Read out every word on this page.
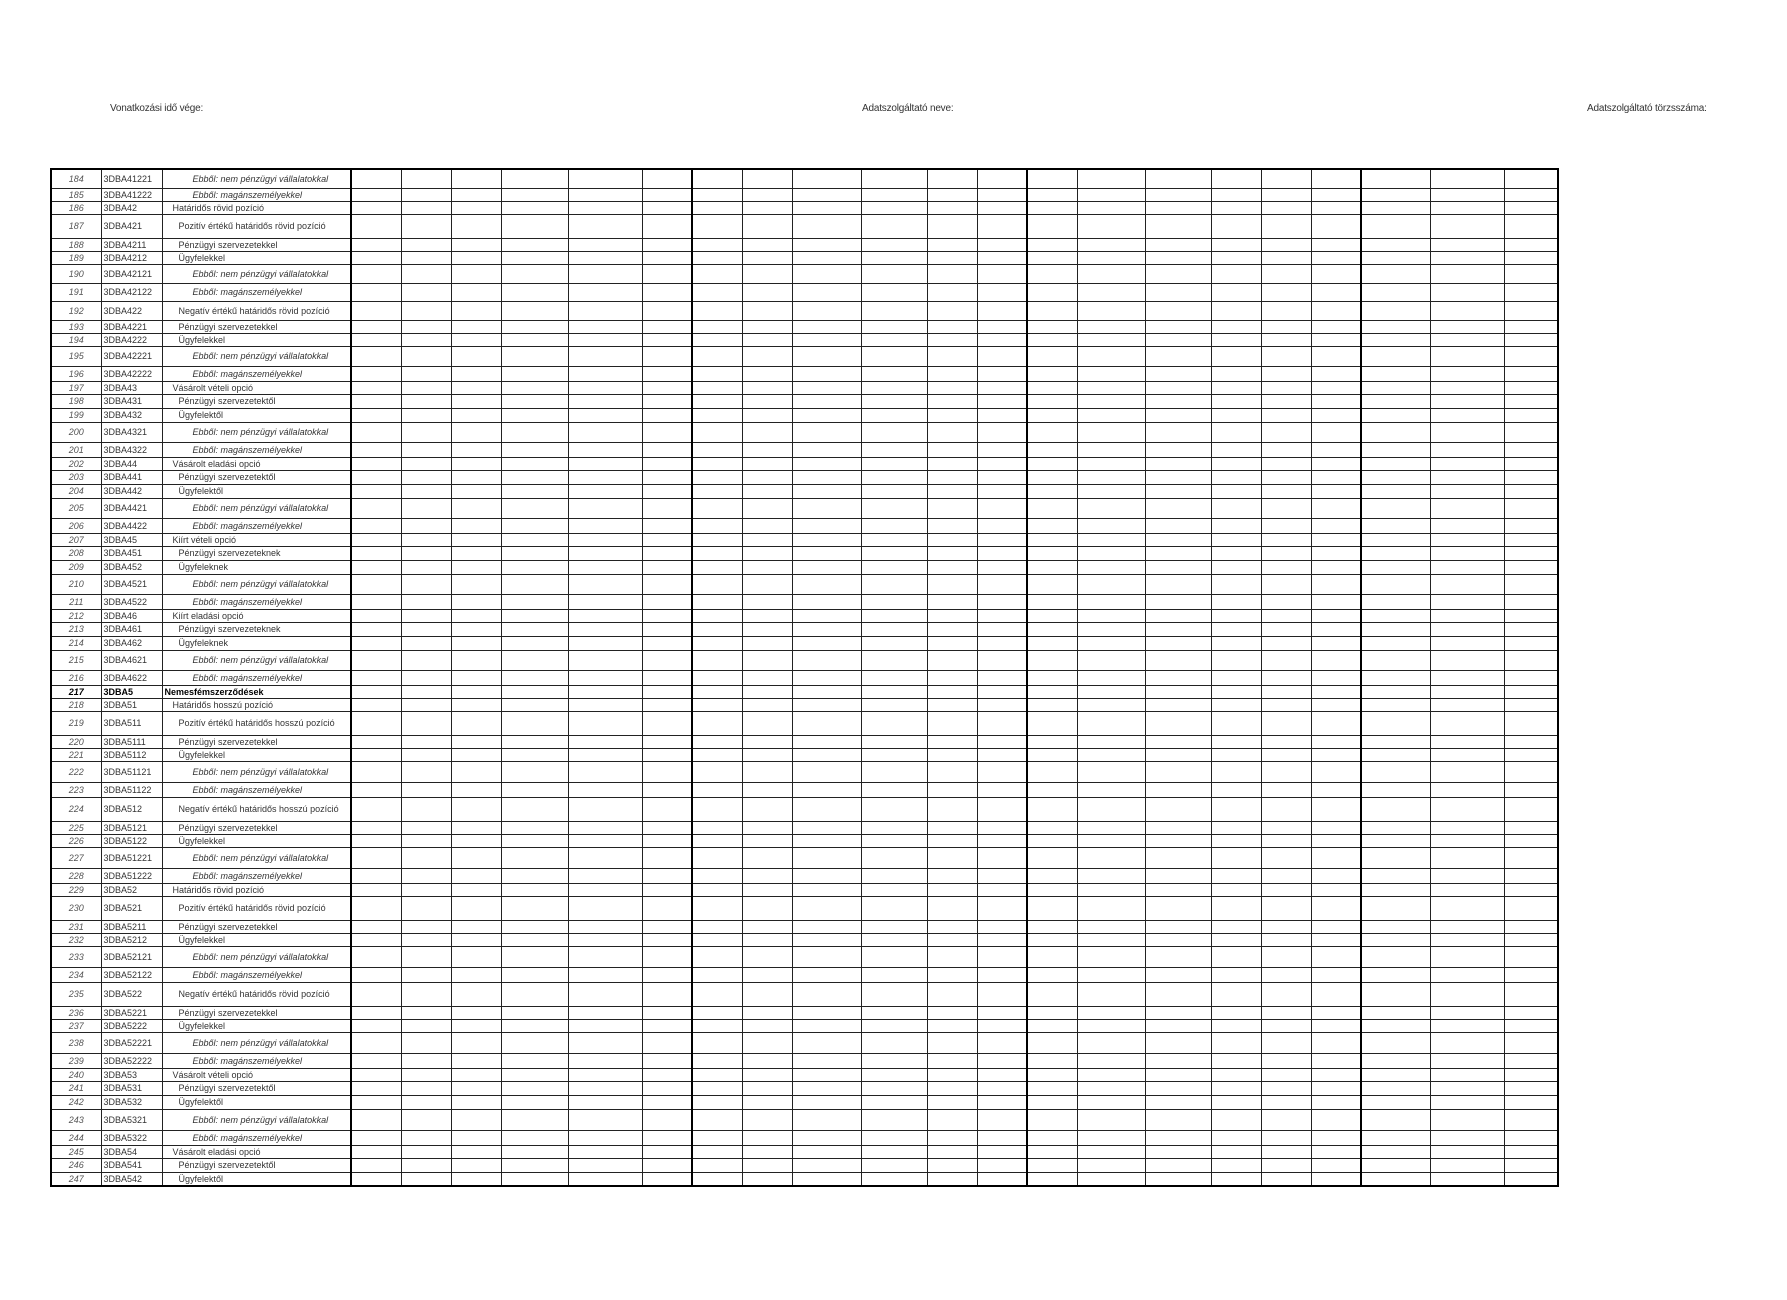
Vonatkozási idő vége:	Adatszolgáltató neve:	Adatszolgáltató törzsszáma:
184	3DBA41221	Ebből: nem pénzügyi vállalatokkal																					
185	3DBA41222	Ebből: magánszemélyekkel																					
186	3DBA42	Határidős rövid pozíció																					
187	3DBA421	Pozitív értékű határidős rövid pozíció																					
188	3DBA4211	Pénzügyi szervezetekkel																					
189	3DBA4212	Ügyfelekkel																					
190	3DBA42121	Ebből: nem pénzügyi vállalatokkal																					
191	3DBA42122	Ebből: magánszemélyekkel																					
192	3DBA422	Negatív értékű határidős rövid pozíció																					
193	3DBA4221	Pénzügyi szervezetekkel																					
194	3DBA4222	Ügyfelekkel																					
195	3DBA42221	Ebből: nem pénzügyi vállalatokkal																					
196	3DBA42222	Ebből: magánszemélyekkel																					
197	3DBA43	Vásárolt vételi opció																					
198	3DBA431	Pénzügyi szervezetektől																					
199	3DBA432	Ügyfelektől																					
200	3DBA4321	Ebből: nem pénzügyi vállalatokkal																					
201	3DBA4322	Ebből: magánszemélyekkel																					
202	3DBA44	Vásárolt eladási opció																					
203	3DBA441	Pénzügyi szervezetektől																					
204	3DBA442	Ügyfelektől																					
205	3DBA4421	Ebből: nem pénzügyi vállalatokkal																					
206	3DBA4422	Ebből: magánszemélyekkel																					
207	3DBA45	Kiírt vételi opció																					
208	3DBA451	Pénzügyi szervezeteknek																					
209	3DBA452	Ügyfeleknek																					
210	3DBA4521	Ebből: nem pénzügyi vállalatokkal																					
211	3DBA4522	Ebből: magánszemélyekkel																					
212	3DBA46	Kiírt eladási opció																					
213	3DBA461	Pénzügyi szervezeteknek																					
214	3DBA462	Ügyfeleknek																					
215	3DBA4621	Ebből: nem pénzügyi vállalatokkal																					
216	3DBA4622	Ebből: magánszemélyekkel																					
217	3DBA5	Nemesfémszerződések																					
218	3DBA51	Határidős hosszú pozíció																					
219	3DBA511	Pozitív értékű határidős hosszú pozíció																					
220	3DBA5111	Pénzügyi szervezetekkel																					
221	3DBA5112	Ügyfelekkel																					
222	3DBA51121	Ebből: nem pénzügyi vállalatokkal																					
223	3DBA51122	Ebből: magánszemélyekkel																					
224	3DBA512	Negatív értékű határidős hosszú pozíció																					
225	3DBA5121	Pénzügyi szervezetekkel																					
226	3DBA5122	Ügyfelekkel																					
227	3DBA51221	Ebből: nem pénzügyi vállalatokkal																					
228	3DBA51222	Ebből: magánszemélyekkel																					
229	3DBA52	Határidős rövid pozíció																					
230	3DBA521	Pozitív értékű határidős rövid pozíció																					
231	3DBA5211	Pénzügyi szervezetekkel																					
232	3DBA5212	Ügyfelekkel																					
233	3DBA52121	Ebből: nem pénzügyi vállalatokkal																					
234	3DBA52122	Ebből: magánszemélyekkel																					
235	3DBA522	Negatív értékű határidős rövid pozíció																					
236	3DBA5221	Pénzügyi szervezetekkel																					
237	3DBA5222	Ügyfelekkel																					
238	3DBA52221	Ebből: nem pénzügyi vállalatokkal																					
239	3DBA52222	Ebből: magánszemélyekkel																					
240	3DBA53	Vásárolt vételi opció																					
241	3DBA531	Pénzügyi szervezetektől																					
242	3DBA532	Ügyfelektől																					
243	3DBA5321	Ebből: nem pénzügyi vállalatokkal																					
244	3DBA5322	Ebből: magánszemélyekkel																					
245	3DBA54	Vásárolt eladási opció																					
246	3DBA541	Pénzügyi szervezetektől																					
247	3DBA542	Ügyfelektől																					
